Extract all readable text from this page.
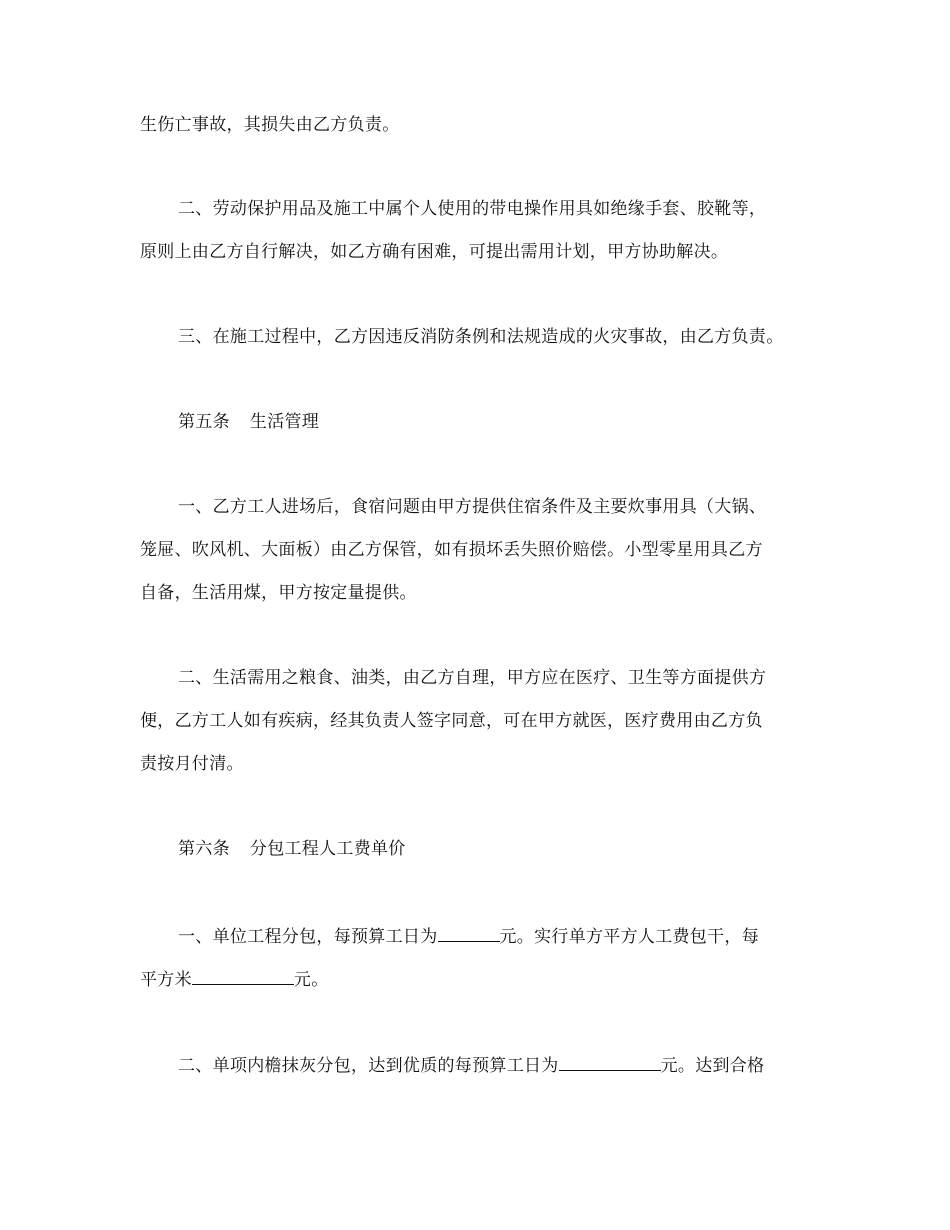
生伤亡事故，其损失由乙方负责。
二、劳动保护用品及施工中属个人使用的带电操作用具如绝缘手套、胶靴等，
原则上由乙方自行解决，如乙方确有困难，可提出需用计划，甲方协助解决。
三、在施工过程中，乙方因违反消防条例和法规造成的火灾事故，由乙方负责。
第五条 生活管理
一、乙方工人进场后，食宿问题由甲方提供住宿条件及主要炊事用具（大锅、
笼屉、吹风机、大面板）由乙方保管，如有损坏丢失照价赔偿。小型零星用具乙方
自备，生活用煤，甲方按定量提供。
二、生活需用之粮食、油类，由乙方自理，甲方应在医疗、卫生等方面提供方
便，乙方工人如有疾病，经其负责人签字同意，可在甲方就医，医疗费用由乙方负
责按月付清。
第六条 分包工程人工费单价
一、单位工程分包，每预算工日为	元。实行单方平方人工费包干，每
平方米	元。
二、单项内檐抹灰分包，达到优质的每预算工日为	元。达到合格
